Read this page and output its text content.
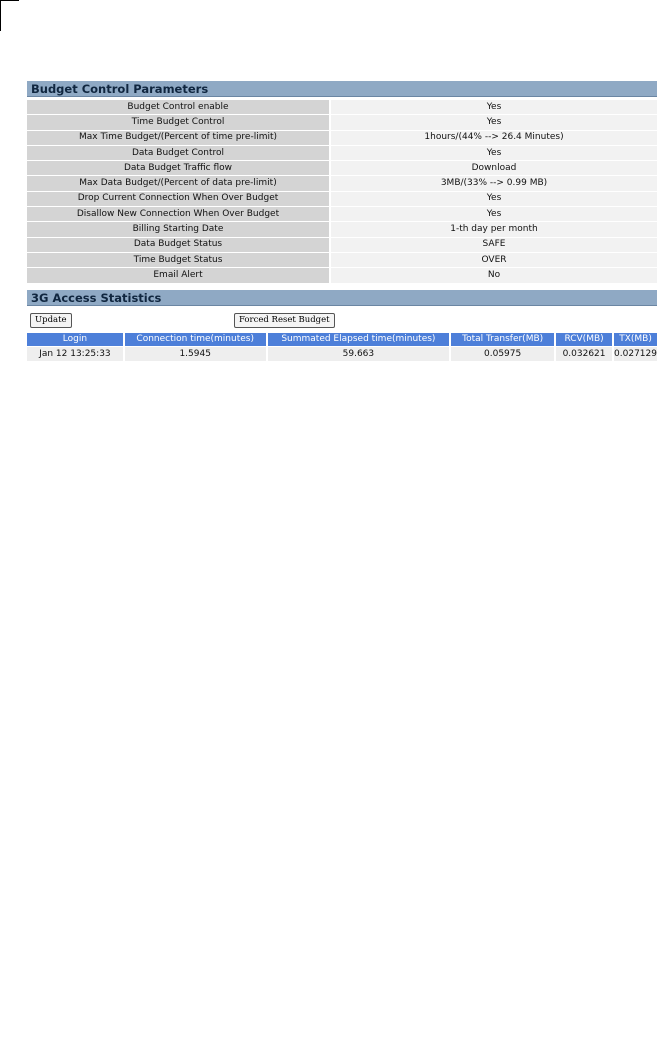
Budget Control Parameters
Budget Control enable	Yes
Time Budget Control	Yes
Max Time Budget/(Percent of time pre-limit)	1hours/(44% --> 26.4 Minutes)
Data Budget Control	Yes
Data Budget Traffic flow	Download
Max Data Budget/(Percent of data pre-limit)	3MB/(33% --> 0.99 MB)
Drop Current Connection When Over Budget	Yes
Disallow New Connection When Over Budget	Yes
Billing Starting Date	1-th day per month
Data Budget Status	SAFE
Time Budget Status	OVER
Email Alert	No
3G Access Statistics
Update	Forced Reset Budget
Login	Connection time(minutes)	Summated Elapsed time(minutes)	Total Transfer(MB)	RCV(MB)	TX(MB)
Jan 12 13:25:33	1.5945	59.663	0.05975	0.032621	0.027129
